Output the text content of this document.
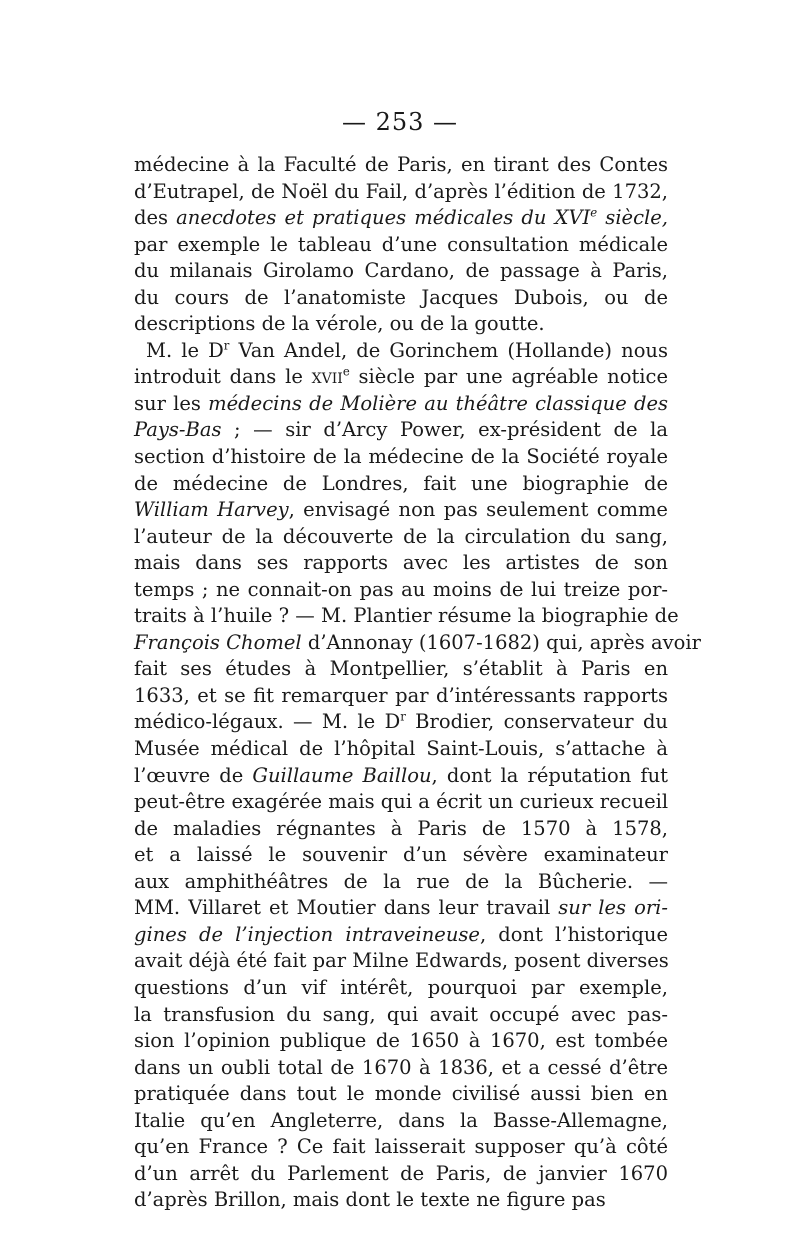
— 253 —
médecine à la Faculté de Paris, en tirant des Contes
d’Eutrapel, de Noël du Fail, d’après l’édition de 1732,
des anecdotes et pratiques médicales du XVIe siècle,
par exemple le tableau d’une consultation médicale
du milanais Girolamo Cardano, de passage à Paris,
du cours de l’anatomiste Jacques Dubois, ou de
descriptions de la vérole, ou de la goutte.
M. le $D^r$ Van Andel, de Gorinchem (Hollande) nous
introduit dans le xvii$^e$ siècle par une agréable notice
sur les médecins de Molière au théâtre classique des
Pays-Bas ; — sir d’Arcy Power, ex-président de la
section d’histoire de la médecine de la Société royale
de médecine de Londres, fait une biographie de
William Harvey, envisagé non pas seulement comme
l’auteur de la découverte de la circulation du sang,
mais dans ses rapports avec les artistes de son
temps ; ne connait-on pas au moins de lui treize por-
traits à l’huile ? — M. Plantier résume la biographie de
François Chomel d’Annonay (1607-1682) qui, après avoir
fait ses études à Montpellier, s’établit à Paris en
1633, et se fit remarquer par d’intéressants rapports
médico-légaux. — M. le $D^r$ Brodier, conservateur du
Musée médical de l’hôpital Saint-Louis, s’attache à
l’œuvre de Guillaume Baillou, dont la réputation fut
peut-être exagérée mais qui a écrit un curieux recueil
de maladies régnantes à Paris de 1570 à 1578,
et a laissé le souvenir d’un sévère examinateur
aux amphithéâtres de la rue de la Bûcherie. —
MM. Villaret et Moutier dans leur travail sur les ori-
gines de l’injection intraveineuse, dont l’historique
avait déjà été fait par Milne Edwards, posent diverses
questions d’un vif intérêt, pourquoi par exemple,
la transfusion du sang, qui avait occupé avec pas-
sion l’opinion publique de 1650 à 1670, est tombée
dans un oubli total de 1670 à 1836, et a cessé d’être
pratiquée dans tout le monde civilisé aussi bien en
Italie qu’en Angleterre, dans la Basse-Allemagne,
qu’en France ? Ce fait laisserait supposer qu’à côté
d’un arrêt du Parlement de Paris, de janvier 1670
d’après Brillon, mais dont le texte ne figure pas
